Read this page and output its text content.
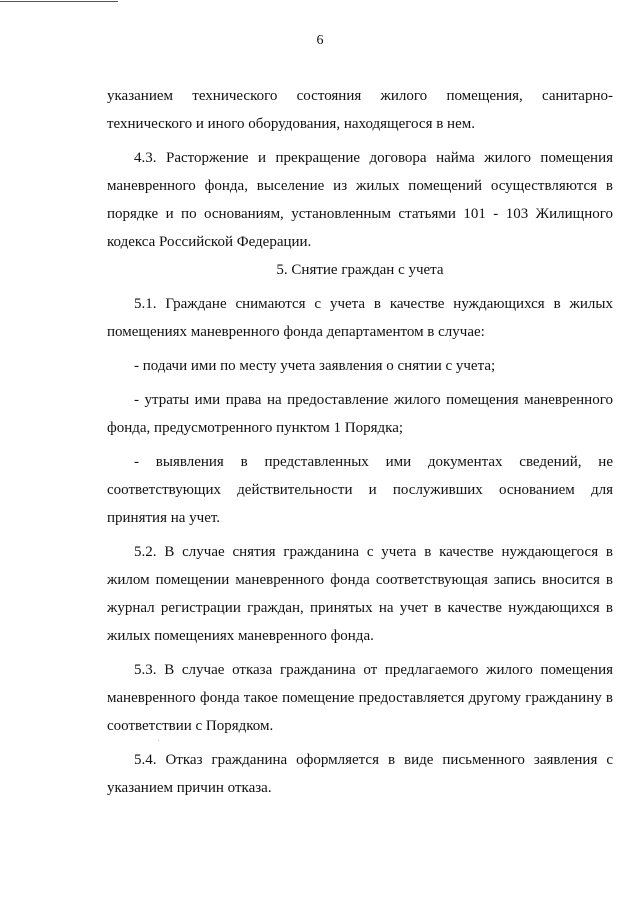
6

указанием технического состояния жилого помещения, санитарно-технического и иного оборудования, находящегося в нем.

4.3. Расторжение и прекращение договора найма жилого помещения маневренного фонда, выселение из жилых помещений осуществляются в порядке и по основаниям, установленным статьями 101 - 103 Жилищного кодекса Российской Федерации.

5. Снятие граждан с учета

5.1. Граждане снимаются с учета в качестве нуждающихся в жилых помещениях маневренного фонда департаментом в случае:

- подачи ими по месту учета заявления о снятии с учета;

- утраты ими права на предоставление жилого помещения маневренного фонда, предусмотренного пунктом 1 Порядка;

- выявления в представленных ими документах сведений, не соответствующих действительности и послуживших основанием для принятия на учет.

5.2. В случае снятия гражданина с учета в качестве нуждающегося в жилом помещении маневренного фонда соответствующая запись вносится в журнал регистрации граждан, принятых на учет в качестве нуждающихся в жилых помещениях маневренного фонда.

5.3. В случае отказа гражданина от предлагаемого жилого помещения маневренного фонда такое помещение предоставляется другому гражданину в соответствии с Порядком.

5.4. Отказ гражданина оформляется в виде письменного заявления с указанием причин отказа.
